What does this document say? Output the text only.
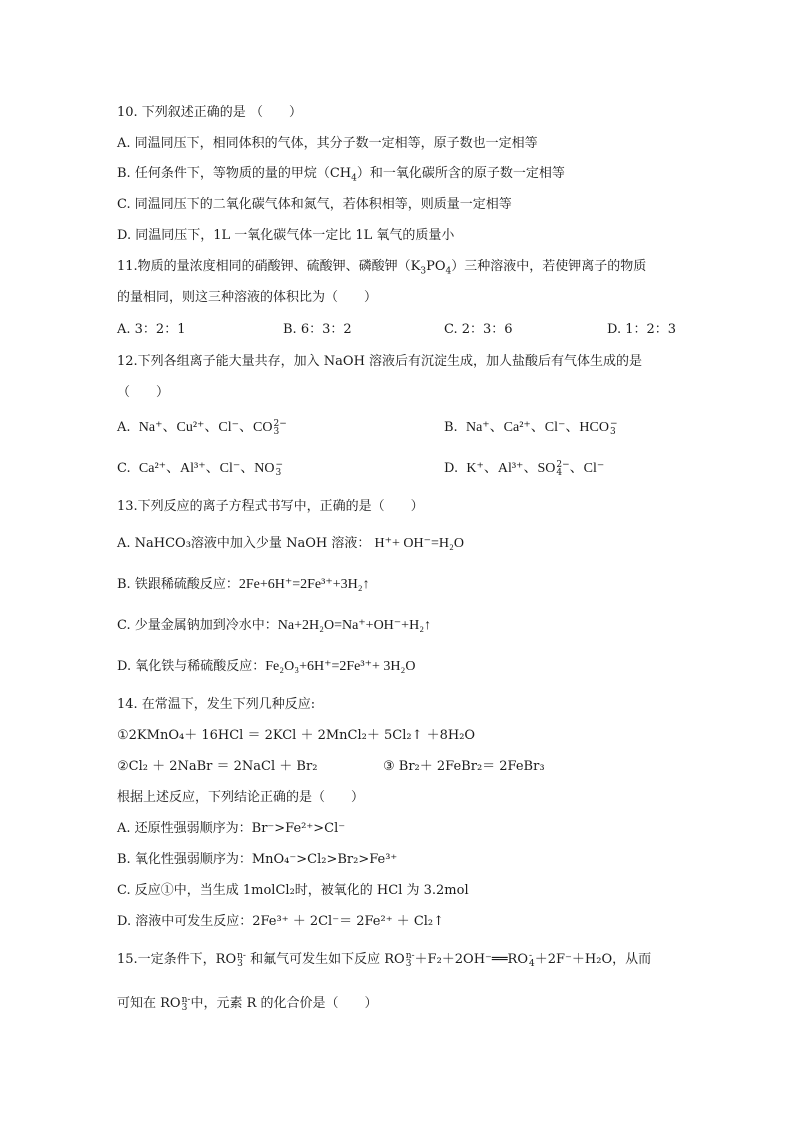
10. 下列叙述正确的是 （　　）
A. 同温同压下，相同体积的气体，其分子数一定相等，原子数也一定相等
B. 任何条件下，等物质的量的甲烷$(CH_4)$和一氧化碳所含的原子数一定相等
C. 同温同压下的二氧化碳气体和氮气，若体积相等，则质量一定相等
D. 同温同压下，1L 一氧化碳气体一定比 1L 氧气的质量小
11.物质的量浓度相同的硝酸钾、硫酸钾、磷酸钾$(K_3PO_4)$三种溶液中，若使钾离子的物质
的量相同，则这三种溶液的体积比为（　　）
A. 3：2：1	B. 6：3：2	C. 2：3：6	D. 1：2：3
12.下列各组离子能大量共存，加入 NaOH 溶液后有沉淀生成，加人盐酸后有气体生成的是
（　　）
A. Na⁺、Cu²⁺、Cl⁻、CO 2−
3	B. Na⁺、Ca²⁺、Cl⁻、HCO −
3
C. Ca²⁺、Al³⁺、Cl⁻、NO −
3	D. K⁺、Al³⁺、SO 2−
4 、Cl⁻
13.下列反应的离子方程式书写中，正确的是（　　）
A. NaHCO₃溶液中加入少量 NaOH 溶液： H⁺+ OH⁻=H₂O
B. 铁跟稀硫酸反应：2Fe+6H⁺=2Fe³⁺+3H₂↑
C. 少量金属钠加到冷水中：Na+2H₂O=Na⁺+OH⁻+H₂↑
D. 氧化铁与稀硫酸反应：Fe₂O₃+6H⁺=2Fe³⁺+ 3H₂O
14. 在常温下，发生下列几种反应:
①2KMnO₄＋ 16HCl ＝ 2KCl ＋ 2MnCl₂＋ 5Cl₂↑ ＋8H₂O
②Cl₂ ＋ 2NaBr ＝ 2NaCl ＋ Br₂	③ Br₂＋ 2FeBr₂＝ 2FeBr₃
根据上述反应，下列结论正确的是（　　）
A. 还原性强弱顺序为：Br⁻>Fe²⁺>Cl⁻
B. 氧化性强弱顺序为：MnO₄⁻>Cl₂>Br₂>Fe³⁺
C. 反应①中，当生成 1molCl₂时，被氧化的 HCl 为 3.2mol
D. 溶液中可发生反应：2Fe³⁺ ＋ 2Cl⁻＝ 2Fe²⁺ ＋ Cl₂↑
15.一定条件下，RO n-
3 和氟气可发生如下反应 RO n-
3 ＋F₂＋2OH⁻══RO -
4 ＋2F⁻＋H₂O，从而
可知在 RO n-
3 中，元素 R 的化合价是（　　）
